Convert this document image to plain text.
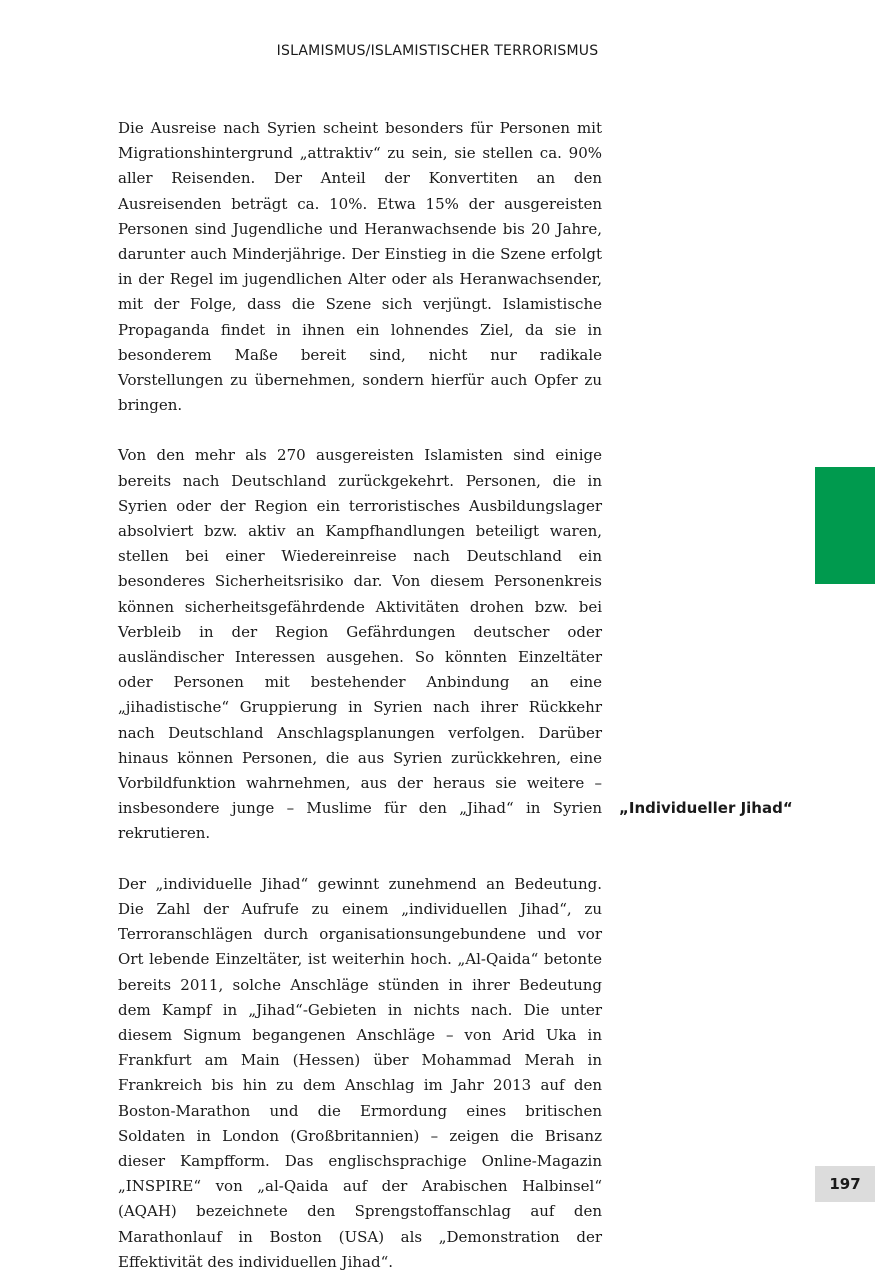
ISLAMISMUS/ISLAMISTISCHER TERRORISMUS

Die Ausreise nach Syrien scheint besonders für Personen mit Migrationshintergrund „attraktiv“ zu sein, sie stellen ca. 90% aller Reisenden. Der Anteil der Konvertiten an den Ausreisenden beträgt ca. 10%. Etwa 15% der ausgereisten Personen sind Jugendliche und Heranwachsende bis 20 Jahre, darunter auch Minderjährige. Der Einstieg in die Szene erfolgt in der Regel im jugendlichen Alter oder als Heranwachsender, mit der Folge, dass die Szene sich verjüngt. Islamistische Propaganda findet in ihnen ein lohnendes Ziel, da sie in besonderem Maße bereit sind, nicht nur radikale Vorstellungen zu übernehmen, sondern hierfür auch Opfer zu bringen.

Von den mehr als 270 ausgereisten Islamisten sind einige bereits nach Deutschland zurückgekehrt. Personen, die in Syrien oder der Region ein terroristisches Ausbildungslager absolviert bzw. aktiv an Kampfhandlungen beteiligt waren, stellen bei einer Wiedereinreise nach Deutschland ein besonderes Sicherheitsrisiko dar. Von diesem Personenkreis können sicherheitsgefährdende Aktivitäten drohen bzw. bei Verbleib in der Region Gefährdungen deutscher oder ausländischer Interessen ausgehen. So könnten Einzeltäter oder Personen mit bestehender Anbindung an eine „jihadistische“ Gruppierung in Syrien nach ihrer Rückkehr nach Deutschland Anschlagsplanungen verfolgen. Darüber hinaus können Personen, die aus Syrien zurückkehren, eine Vorbildfunktion wahrnehmen, aus der heraus sie weitere – insbesondere junge – Muslime für den „Jihad“ in Syrien rekrutieren.

Der „individuelle Jihad“ gewinnt zunehmend an Bedeutung. Die Zahl der Aufrufe zu einem „individuellen Jihad“, zu Terroranschlägen durch organisationsungebundene und vor Ort lebende Einzeltäter, ist weiterhin hoch. „Al-Qaida“ betonte bereits 2011, solche Anschläge stünden in ihrer Bedeutung dem Kampf in „Jihad“-Gebieten in nichts nach. Die unter diesem Signum begangenen Anschläge – von Arid Uka in Frankfurt am Main (Hessen) über Mohammad Merah in Frankreich bis hin zu dem Anschlag im Jahr 2013 auf den Boston-Marathon und die Ermordung eines britischen Soldaten in London (Großbritannien) – zeigen die Brisanz dieser Kampfform. Das englischsprachige Online-Magazin „INSPIRE“ von „al-Qaida auf der Arabischen Halbinsel“ (AQAH) bezeichnete den Sprengstoffanschlag auf den Marathonlauf in Boston (USA) als „Demonstration der Effektivität des individuellen Jihad“.

„Individueller Jihad“
197
